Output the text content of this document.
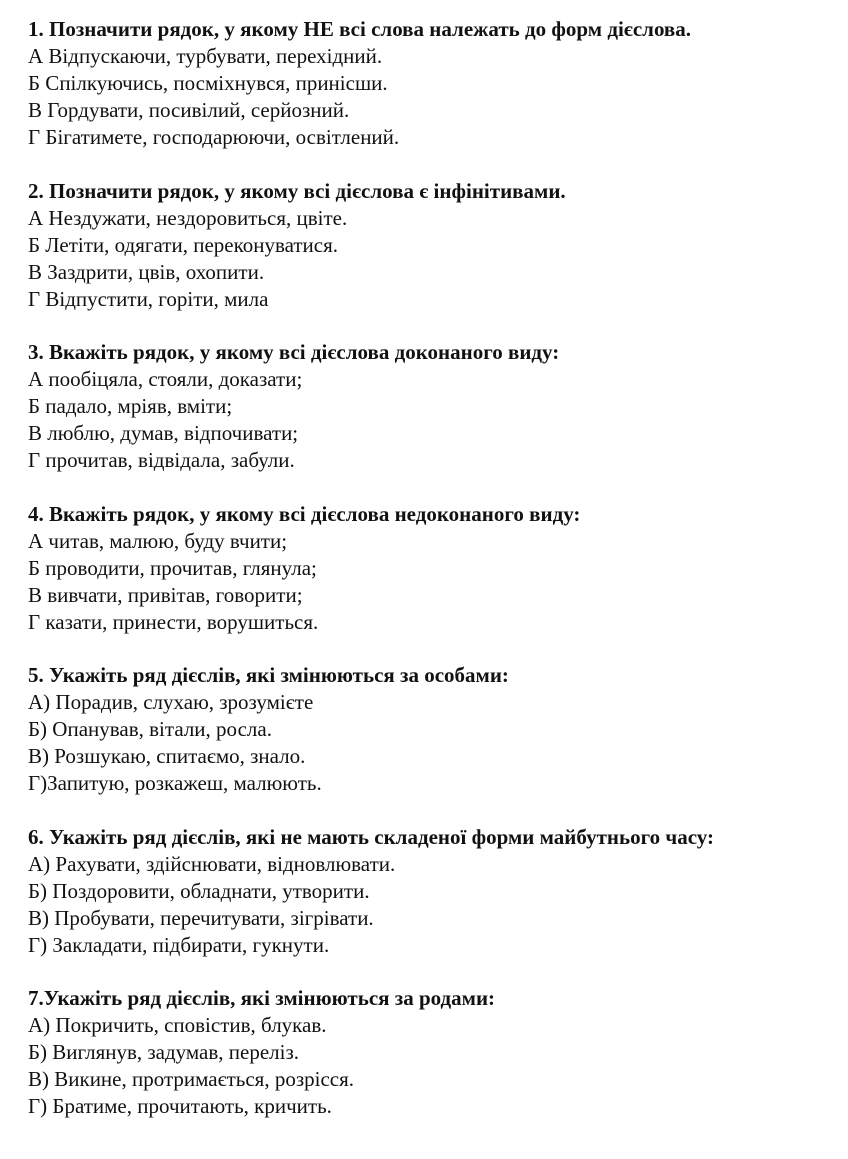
1. Позначити рядок, у якому НЕ всі слова належать до форм дієслова.
А Відпускаючи, турбувати, перехідний.
Б Спілкуючись, посміхнувся, принісши.
В Гордувати, посивілий, серйозний.
Г Бігатимете, господарюючи, освітлений.
2. Позначити рядок, у якому всі дієслова є інфінітивами.
А Нездужати, нездоровиться, цвіте.
Б Летіти, одягати, переконуватися.
В Заздрити, цвів, охопити.
Г Відпустити, горіти, мила
3. Вкажіть рядок, у якому всі дієслова доконаного виду:
А пообіцяла, стояли, доказати;
Б падало, мріяв, вміти;
В люблю, думав, відпочивати;
Г прочитав, відвідала, забули.
4. Вкажіть рядок, у якому всі дієслова недоконаного виду:
А читав, малюю, буду вчити;
Б проводити, прочитав, глянула;
В вивчати, привітав, говорити;
Г казати, принести, ворушиться.
5. Укажіть ряд дієслів, які змінюються за особами:
А) Порадив, слухаю, зрозумієте
Б) Опанував, вітали, росла.
В) Розшукаю, спитаємо, знало.
Г)Запитую, розкажеш, малюють.
6. Укажіть ряд дієслів, які не мають складеної форми майбутнього часу:
А) Рахувати, здійснювати, відновлювати.
Б) Поздоровити, обладнати, утворити.
В) Пробувати, перечитувати, зігрівати.
Г) Закладати, підбирати, гукнути.
7.Укажіть ряд дієслів, які змінюються за родами:
А) Покричить, сповістив, блукав.
Б) Виглянув, задумав, переліз.
В) Викине, протримається, розрісся.
Г) Братиме, прочитають, кричить.
